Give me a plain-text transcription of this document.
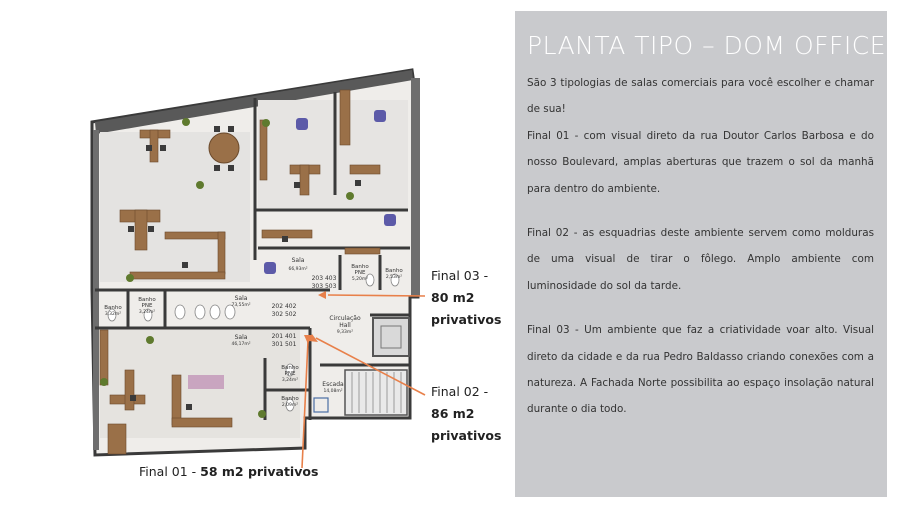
Sala
66,93m²
203 403
303 503
Banho
PNE
5,20m²
Banho
2,53m²
Sala
73,55m²	202 402
302 502
Banho
3,32m²
Banho
PNE
3,24m²
Circulação
Hall
9,33m²
Sala
46,17m²
201 401
301 501
Banho
PNE
3,24m²
Banho
2,09m²
Escada
14,08m²
Final 03 -
80 m2
privativos
Final 02 -
86 m2
privativos
Final 01 - 58 m2 privativos
PLANTA TIPO – DOM OFFICE

São 3 tipologias de salas comerciais para você escolher e chamar de sua!

Final 01 - com visual direto da rua Doutor Carlos Barbosa e do nosso Boulevard, amplas aberturas que trazem o sol da manhã para dentro do ambiente.

Final 02 - as esquadrias deste ambiente servem como molduras de uma visual de tirar o fôlego. Amplo ambiente com luminosidade do sol da tarde.

Final 03 - Um ambiente que faz a criatividade voar alto. Visual direto da cidade e da rua Pedro Baldasso criando conexões com a natureza. A Fachada Norte possibilita ao espaço insolação natural durante o dia todo.
